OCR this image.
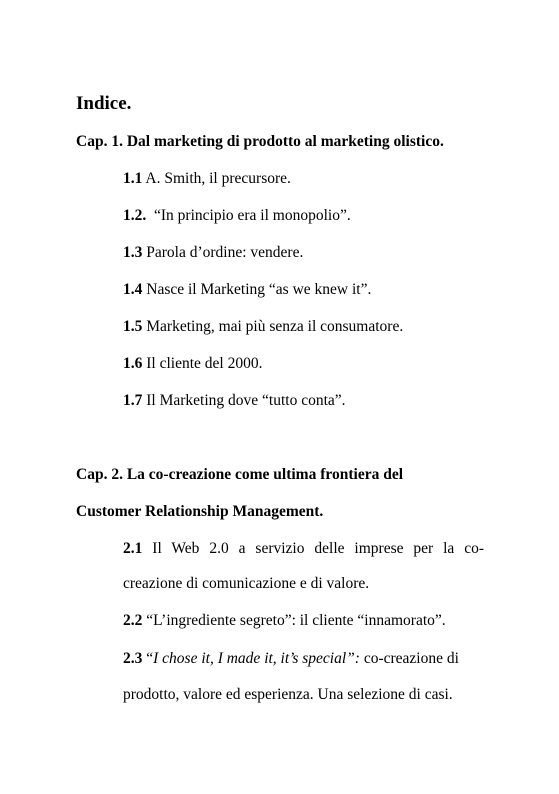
Indice.
Cap. 1. Dal marketing di prodotto al marketing olistico.
1.1 A. Smith, il precursore.
1.2.  “In principio era il monopolio”.
1.3 Parola d’ordine: vendere.
1.4 Nasce il Marketing “as we knew it”.
1.5 Marketing, mai più senza il consumatore.
1.6 Il cliente del 2000.
1.7 Il Marketing dove “tutto conta”.
Cap. 2. La co-creazione come ultima frontiera del
Customer Relationship Management.
2.1 Il Web 2.0 a servizio delle imprese per la co-
creazione di comunicazione e di valore.
2.2 “L’ingrediente segreto”: il cliente “innamorato”.
2.3 “I chose it, I made it, it’s special”: co-creazione di
prodotto, valore ed esperienza. Una selezione di casi.
